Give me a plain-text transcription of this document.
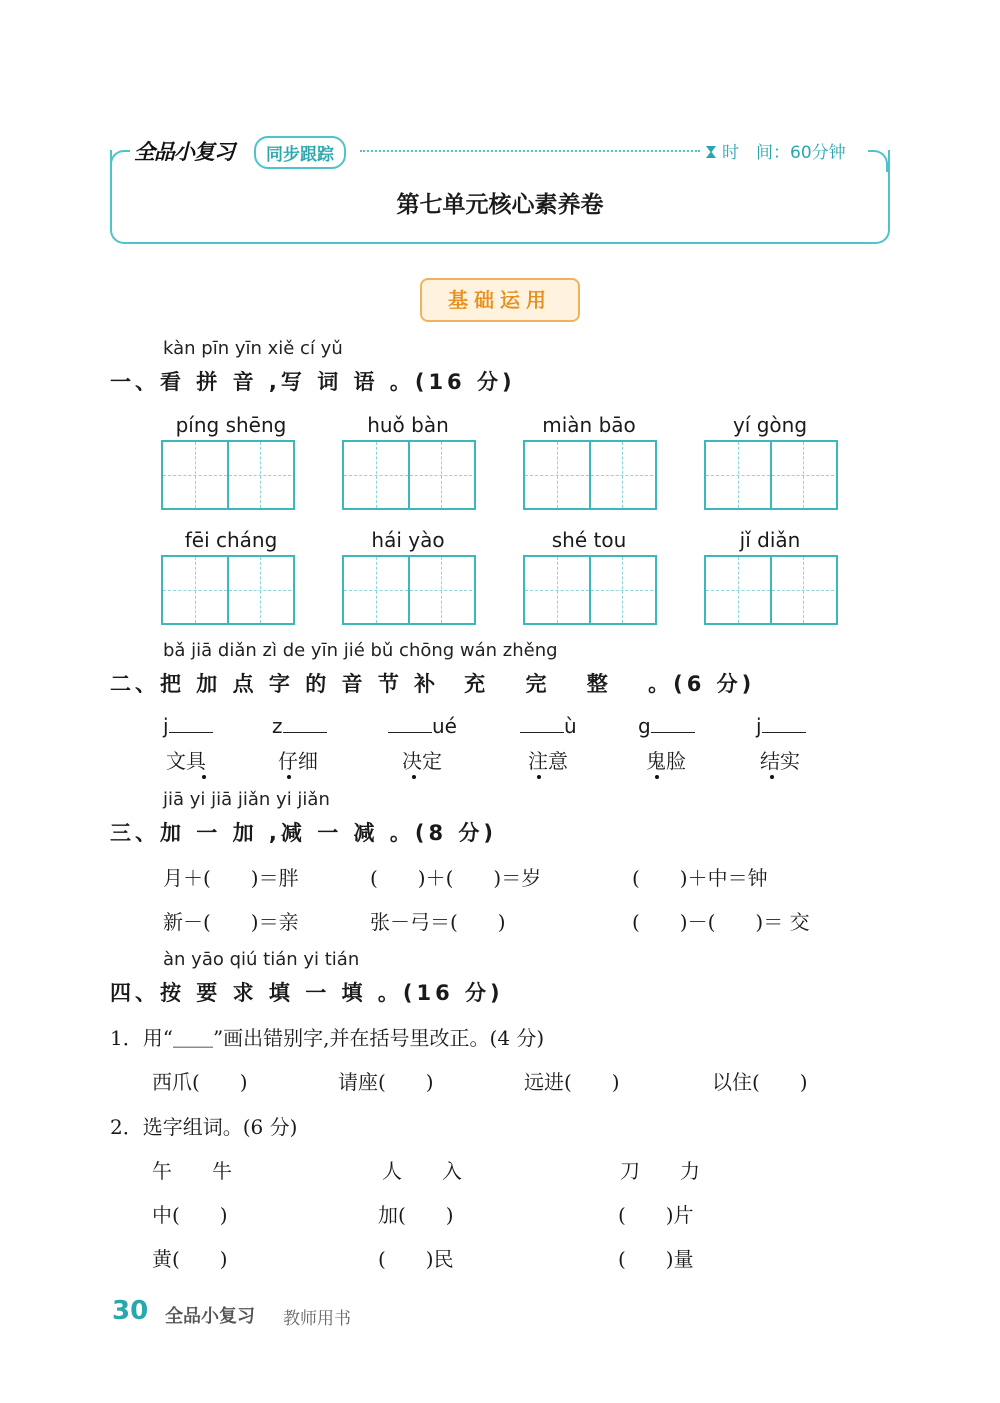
全品小复习	同步跟踪	时　间：60分钟
第七单元核心素养卷
基础运用
kàn pīn yīn xiě cí yǔ
一、看 拼 音 ,写 词 语 。(16 分)
píng shēng	huǒ bàn	miàn bāo	yí gòng
fēi cháng	hái yào	shé tou	jǐ diǎn
bǎ jiā diǎn zì de yīn jié bǔ chōng wán zhěng
二、把 加 点 字 的 音 节 补　充　 完　 整　 。(6 分)
j	z	ué	ù	g	j
文具	仔细	决定	注意	鬼脸	结实
jiā yi jiā jiǎn yi jiǎn
三、加 一 加 ,减 一 减 。(8 分)
月＋(　　)＝胖	(　　)＋(　　)＝岁	(　　)＋中＝钟
新－(　　)＝亲	张－弓＝(　　)	(　　)－(　　)＝ 交
àn yāo qiú tián yi tián
四、按 要 求 填 一 填 。(16 分)
1．用“＿＿”画出错别字,并在括号里改正。(4 分)
西爪(　　)	请座(　　)	远进(　　)	以住(　　)
2．选字组词。(6 分)
午　　牛	人　　入	刀　　力
中(　　)	加(　　)	(　　)片
黄(　　)	(　　)民	(　　)量
30 全品小复习 教师用书
